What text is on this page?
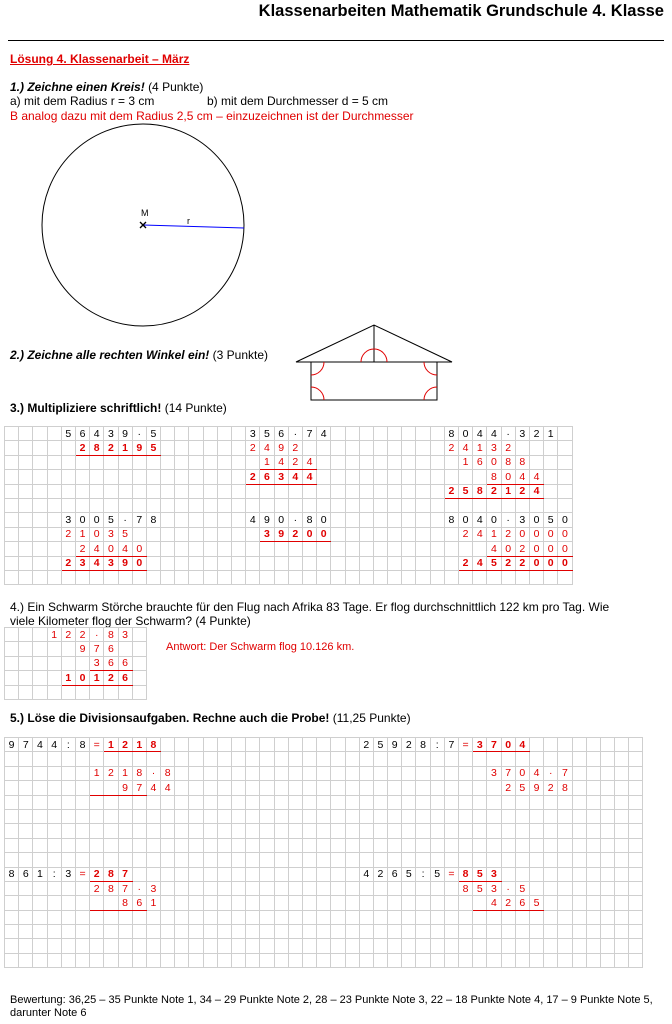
Klassenarbeiten Mathematik Grundschule 4. Klasse
Lösung 4. Klassenarbeit – März
1.) Zeichne einen Kreis! (4 Punkte)
a) mit dem Radius r = 3 cm	b) mit dem Durchmesser d = 5 cm
B analog dazu mit dem Radius 2,5 cm – einzuzeichnen ist der Durchmesser
M
r
2.) Zeichne alle rechten Winkel ein! (3 Punkte)
3.) Multipliziere schriftlich! (14 Punkte)
				5	6	4	3	9	·	5							3	5	6	·	7	4									8	0	4	4	·	3	2	1	
					2	8	2	1	9	5							2	4	9	2											2	4	1	3	2				
																		1	4	2	4											1	6	0	8	8			
																	2	6	3	4	4													8	0	4	4		
																															2	5	8	2	1	2	4		

				3	0	0	5	·	7	8							4	9	0	·	8	0									8	0	4	0	·	3	0	5	0
				2	1	0	3	5										3	9	2	0	0										2	4	1	2	0	0	0	0
					2	4	0	4	0																									4	0	2	0	0	0
				2	3	4	3	9	0																							2	4	5	2	2	0	0	0

4.) Ein Schwarm Störche brauchte für den Flug nach Afrika 83 Tage. Er flog durchschnittlich 122 km pro Tag. Wie
viele Kilometer flog der Schwarm? (4 Punkte)
			1	2	2	·	8	3	
					9	7	6		
						3	6	6	
				1	0	1	2	6	

Antwort: Der Schwarm flog 10.126 km.
5.) Löse die Divisionsaufgaben. Rechne auch die Probe! (11,25 Punkte)
9	7	4	4	:	8	=	1	2	1	8															2	5	9	2	8	:	7	=	3	7	0	4								

						1	2	1	8	·	8																							3	7	0	4	·	7					
								9	7	4	4																								2	5	9	2	8					

8	6	1	:	3	=	2	8	7																	4	2	6	5	:	5	=	8	5	3										
						2	8	7	·	3																						8	5	3	·	5								
								8	6	1																								4	2	6	5							

Bewertung: 36,25 – 35 Punkte Note 1, 34 – 29 Punkte Note 2, 28 – 23 Punkte Note 3, 22 – 18 Punkte Note 4, 17 – 9 Punkte Note 5,
darunter Note 6
